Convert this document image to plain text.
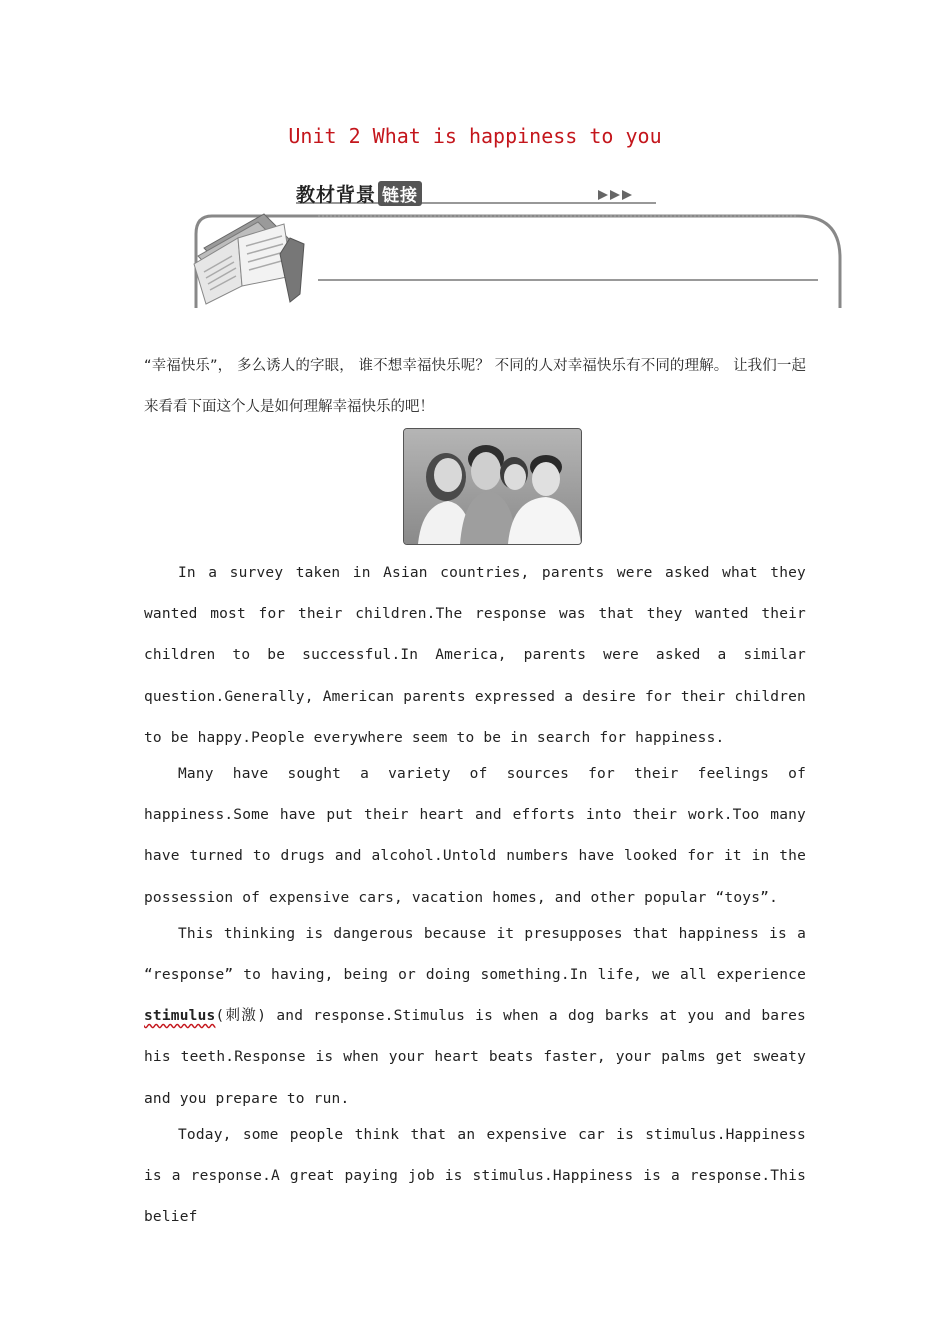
Unit 2 What is happiness to you
教材背景 链接

“幸福快乐”， 多么诱人的字眼， 谁不想幸福快乐呢？ 不同的人对幸福快乐有不同的理解。 让我们一起来看看下面这个人是如何理解幸福快乐的吧！

In a survey taken in Asian countries, parents were asked what they wanted most for their children.The response was that they wanted their children to be successful.In America, parents were asked a similar question.Generally, American parents expressed a desire for their children to be happy.People everywhere seem to be in search for happiness.

Many have sought a variety of sources for their feelings of happiness.Some have put their heart and efforts into their work.Too many have turned to drugs and alcohol.Untold numbers have looked for it in the possession of expensive cars, vacation homes, and other popular “toys”.

This thinking is dangerous because it presupposes that happiness is a “response” to having, being or doing something.In life, we all experience stimulus(刺激) and response.Stimulus is when a dog barks at you and bares his teeth.Response is when your heart beats faster, your palms get sweaty and you prepare to run.

Today, some people think that an expensive car is stimulus.Happiness is a response.A great paying job is stimulus.Happiness is a response.This belief
